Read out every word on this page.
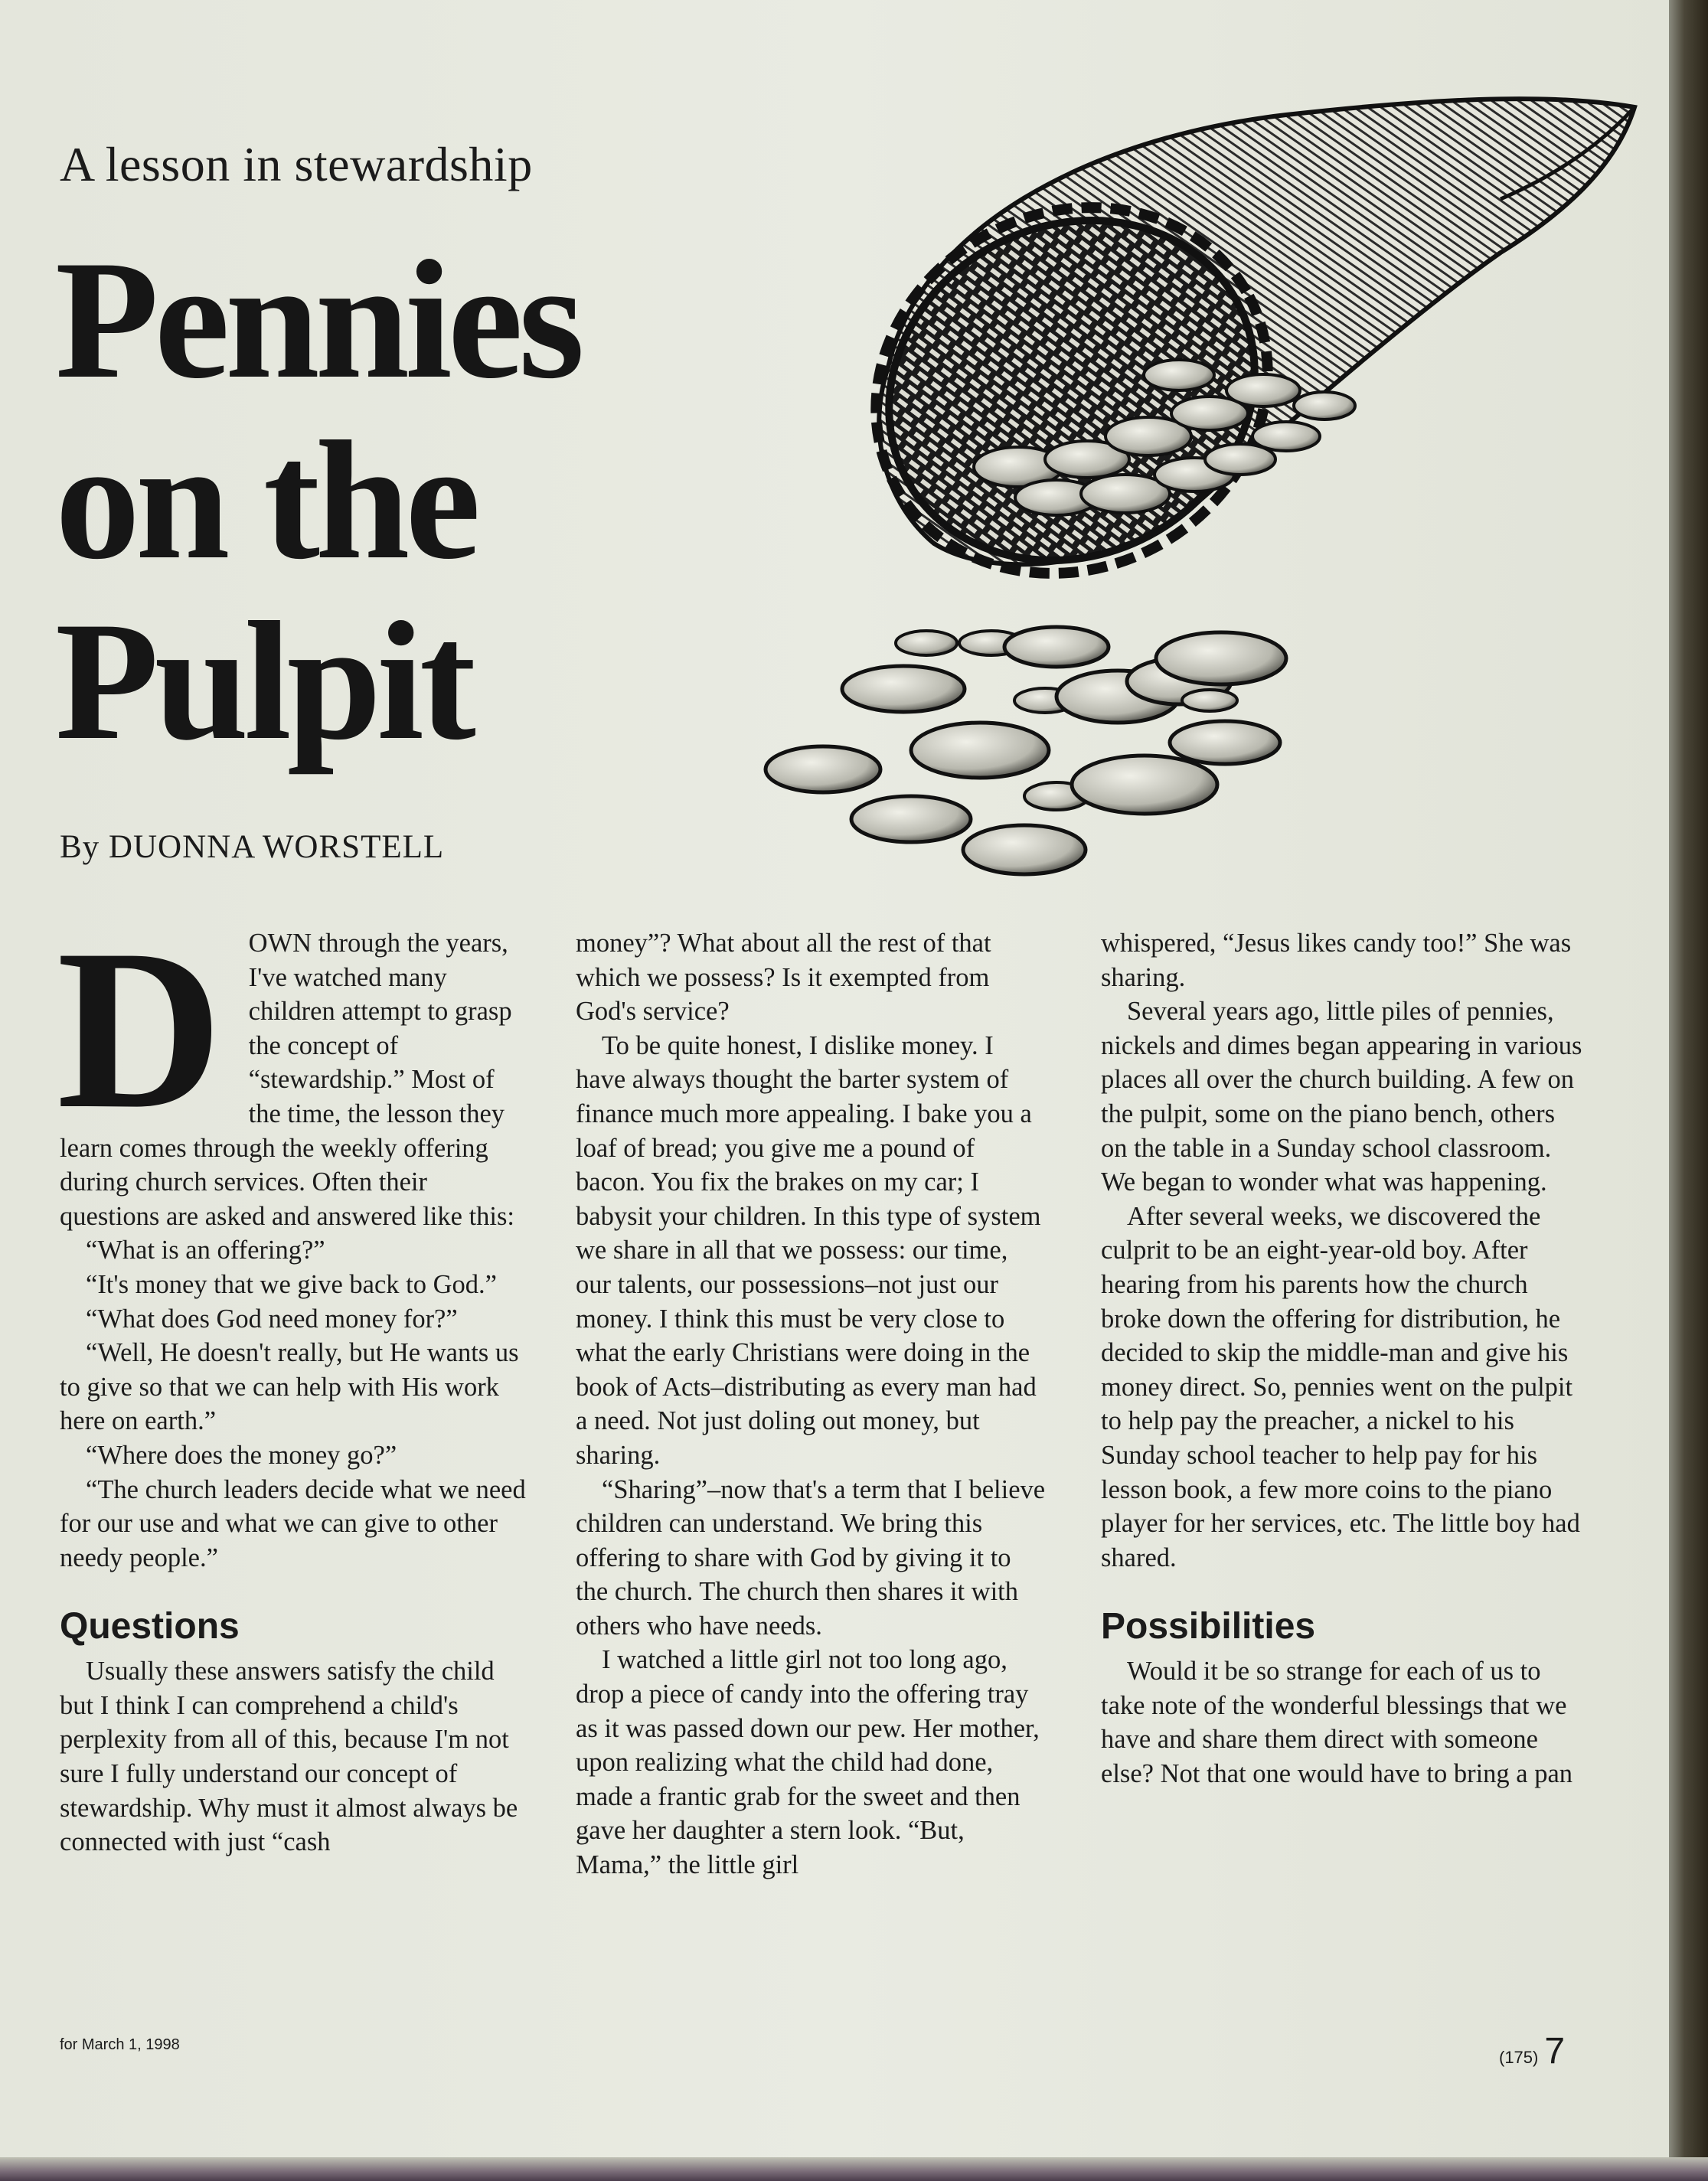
A lesson in stewardship
Pennies
on the
Pulpit
By DUONNA WORSTELL

DOWN through the years, I've watched many children attempt to grasp the concept of “stewardship.” Most of the time, the lesson they learn comes through the weekly offering during church services. Often their questions are asked and answered like this:

“What is an offering?”

“It's money that we give back to God.”

“What does God need money for?”

“Well, He doesn't really, but He wants us to give so that we can help with His work here on earth.”

“Where does the money go?”

“The church leaders decide what we need for our use and what we can give to other needy people.”

Questions

Usually these answers satisfy the child but I think I can comprehend a child's perplexity from all of this, because I'm not sure I fully understand our concept of stewardship. Why must it almost always be connected with just “cash

money”? What about all the rest of that which we possess? Is it exempted from God's service?

To be quite honest, I dislike money. I have always thought the barter system of finance much more appealing. I bake you a loaf of bread; you give me a pound of bacon. You fix the brakes on my car; I babysit your children. In this type of system we share in all that we possess: our time, our talents, our possessions–not just our money. I think this must be very close to what the early Christians were doing in the book of Acts–distributing as every man had a need. Not just doling out money, but sharing.

“Sharing”–now that's a term that I believe children can understand. We bring this offering to share with God by giving it to the church. The church then shares it with others who have needs.

I watched a little girl not too long ago, drop a piece of candy into the offering tray as it was passed down our pew. Her mother, upon realizing what the child had done, made a frantic grab for the sweet and then gave her daughter a stern look. “But, Mama,” the little girl

whispered, “Jesus likes candy too!” She was sharing.

Several years ago, little piles of pennies, nickels and dimes began appearing in various places all over the church building. A few on the pulpit, some on the piano bench, others on the table in a Sunday school classroom. We began to wonder what was happening.

After several weeks, we discovered the culprit to be an eight-year-old boy. After hearing from his parents how the church broke down the offering for distribution, he decided to skip the middle-man and give his money direct. So, pennies went on the pulpit to help pay the preacher, a nickel to his Sunday school teacher to help pay for his lesson book, a few more coins to the piano player for her services, etc. The little boy had shared.

Possibilities

Would it be so strange for each of us to take note of the wonderful blessings that we have and share them direct with someone else? Not that one would have to bring a pan

for March 1, 1998
(175) 7
